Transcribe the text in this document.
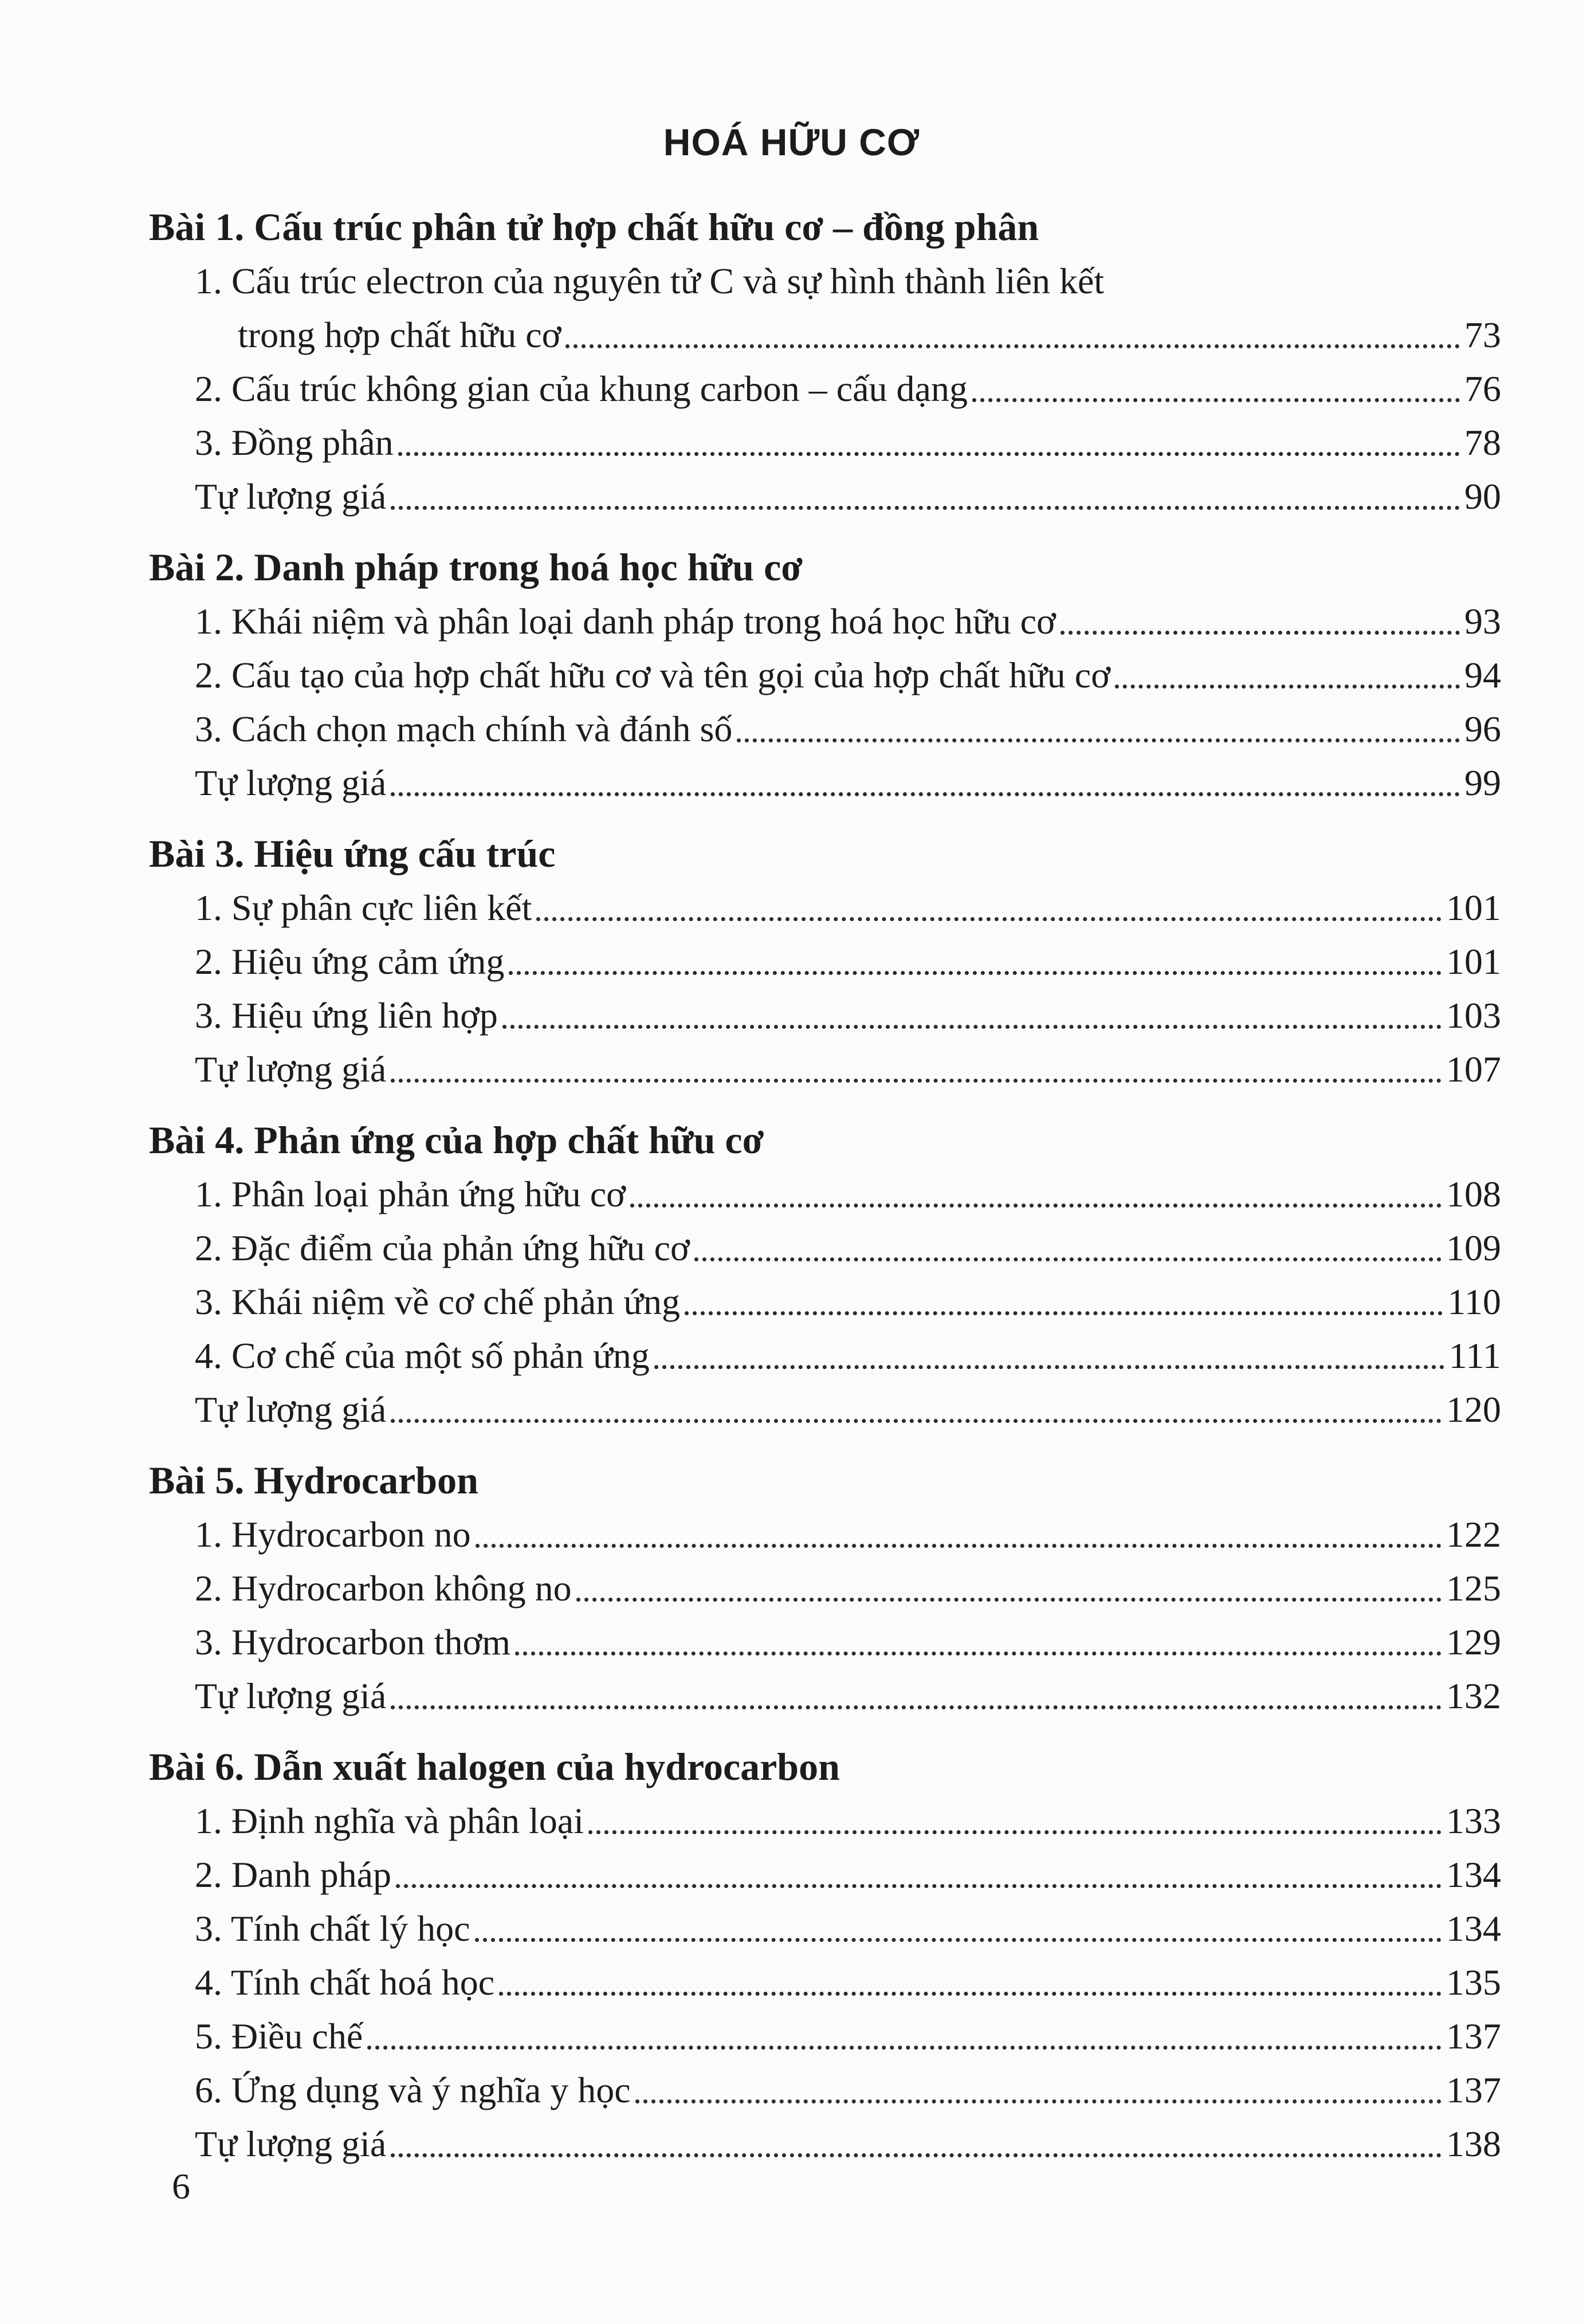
HOÁ HỮU CƠ
Bài 1. Cấu trúc phân tử hợp chất hữu cơ – đồng phân
1. Cấu trúc electron của nguyên tử C và sự hình thành liên kết
trong hợp chất hữu cơ	73
2. Cấu trúc không gian của khung carbon – cấu dạng	76
3. Đồng phân	78
Tự lượng giá	90
Bài 2. Danh pháp trong hoá học hữu cơ
1. Khái niệm và phân loại danh pháp trong hoá học hữu cơ	93
2. Cấu tạo của hợp chất hữu cơ và tên gọi của hợp chất hữu cơ	94
3. Cách chọn mạch chính và đánh số	96
Tự lượng giá	99
Bài 3. Hiệu ứng cấu trúc
1. Sự phân cực liên kết	101
2. Hiệu ứng cảm ứng	101
3. Hiệu ứng liên hợp	103
Tự lượng giá	107
Bài 4. Phản ứng của hợp chất hữu cơ
1. Phân loại phản ứng hữu cơ	108
2. Đặc điểm của phản ứng hữu cơ	109
3. Khái niệm về cơ chế phản ứng	110
4. Cơ chế của một số phản ứng	111
Tự lượng giá	120
Bài 5. Hydrocarbon
1. Hydrocarbon no	122
2. Hydrocarbon không no	125
3. Hydrocarbon thơm	129
Tự lượng giá	132
Bài 6. Dẫn xuất halogen của hydrocarbon
1. Định nghĩa và phân loại	133
2. Danh pháp	134
3. Tính chất lý học	134
4. Tính chất hoá học	135
5. Điều chế	137
6. Ứng dụng và ý nghĩa y học	137
Tự lượng giá	138
6
